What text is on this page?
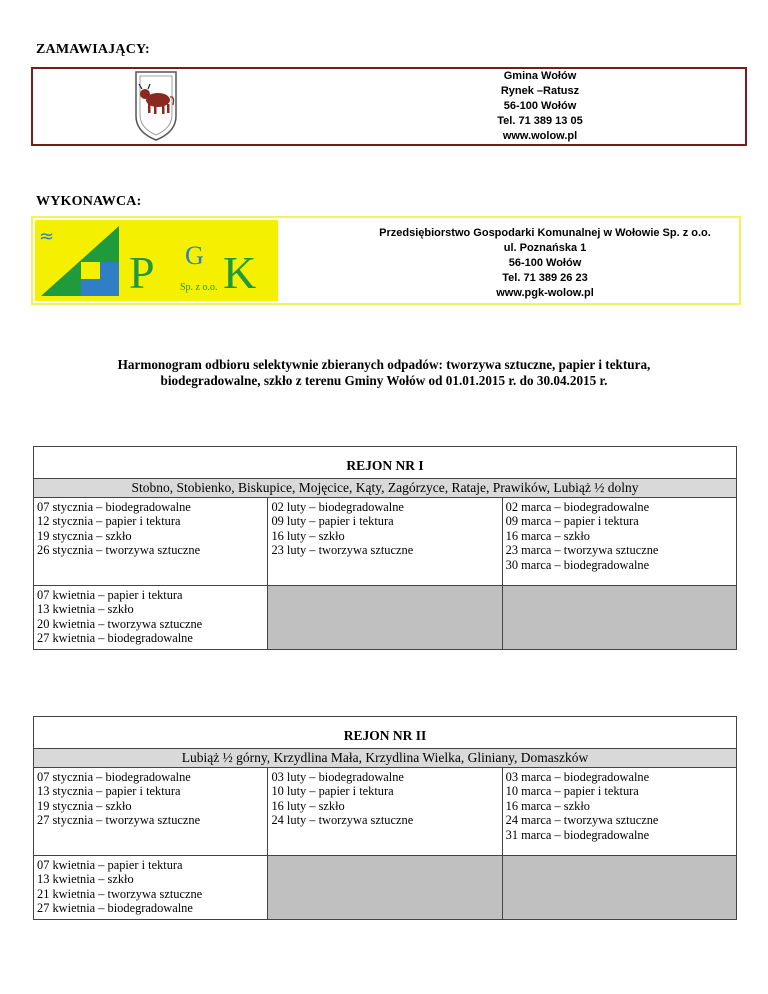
ZAMAWIAJĄCY:
Gmina Wołów
Rynek –Ratusz
56-100 Wołów
Tel. 71 389 13 05
www.wolow.pl
WYKONAWCA:
≈
P G K
Sp. z o.o.
Przedsiębiorstwo Gospodarki Komunalnej w Wołowie Sp. z o.o.
ul. Poznańska 1
56-100 Wołów
Tel. 71 389 26 23
www.pgk-wolow.pl
Harmonogram odbioru selektywnie zbieranych odpadów: tworzywa sztuczne, papier i tektura,
biodegradowalne, szkło z terenu Gminy Wołów od 01.01.2015 r. do 30.04.2015 r.
REJON NR I		

Stobno, Stobienko, Biskupice, Mojęcice, Kąty, Zagórzyce, Rataje, Prawików, Lubiąż ½ dolny		

07 stycznia – biodegradowalne
12 stycznia – papier i tektura
19 stycznia – szkło
26 stycznia – tworzywa sztuczne	02 luty – biodegradowalne
09 luty – papier i tektura
16 luty – szkło
23 luty – tworzywa sztuczne	02 marca – biodegradowalne
09 marca – papier i tektura
16 marca – szkło
23 marca – tworzywa sztuczne
30 marca – biodegradowalne

07 kwietnia – papier i tektura
13 kwietnia – szkło
20 kwietnia – tworzywa sztuczne
27 kwietnia – biodegradowalne		

REJON NR II		

Lubiąż ½ górny, Krzydlina Mała, Krzydlina Wielka, Gliniany, Domaszków		

07 stycznia – biodegradowalne
13 stycznia – papier i tektura
19 stycznia – szkło
27 stycznia – tworzywa sztuczne	03 luty – biodegradowalne
10 luty – papier i tektura
16 luty – szkło
24 luty – tworzywa sztuczne	03 marca – biodegradowalne
10 marca – papier i tektura
16 marca – szkło
24 marca – tworzywa sztuczne
31 marca – biodegradowalne

07 kwietnia – papier i tektura
13 kwietnia – szkło
21 kwietnia – tworzywa sztuczne
27 kwietnia – biodegradowalne		
